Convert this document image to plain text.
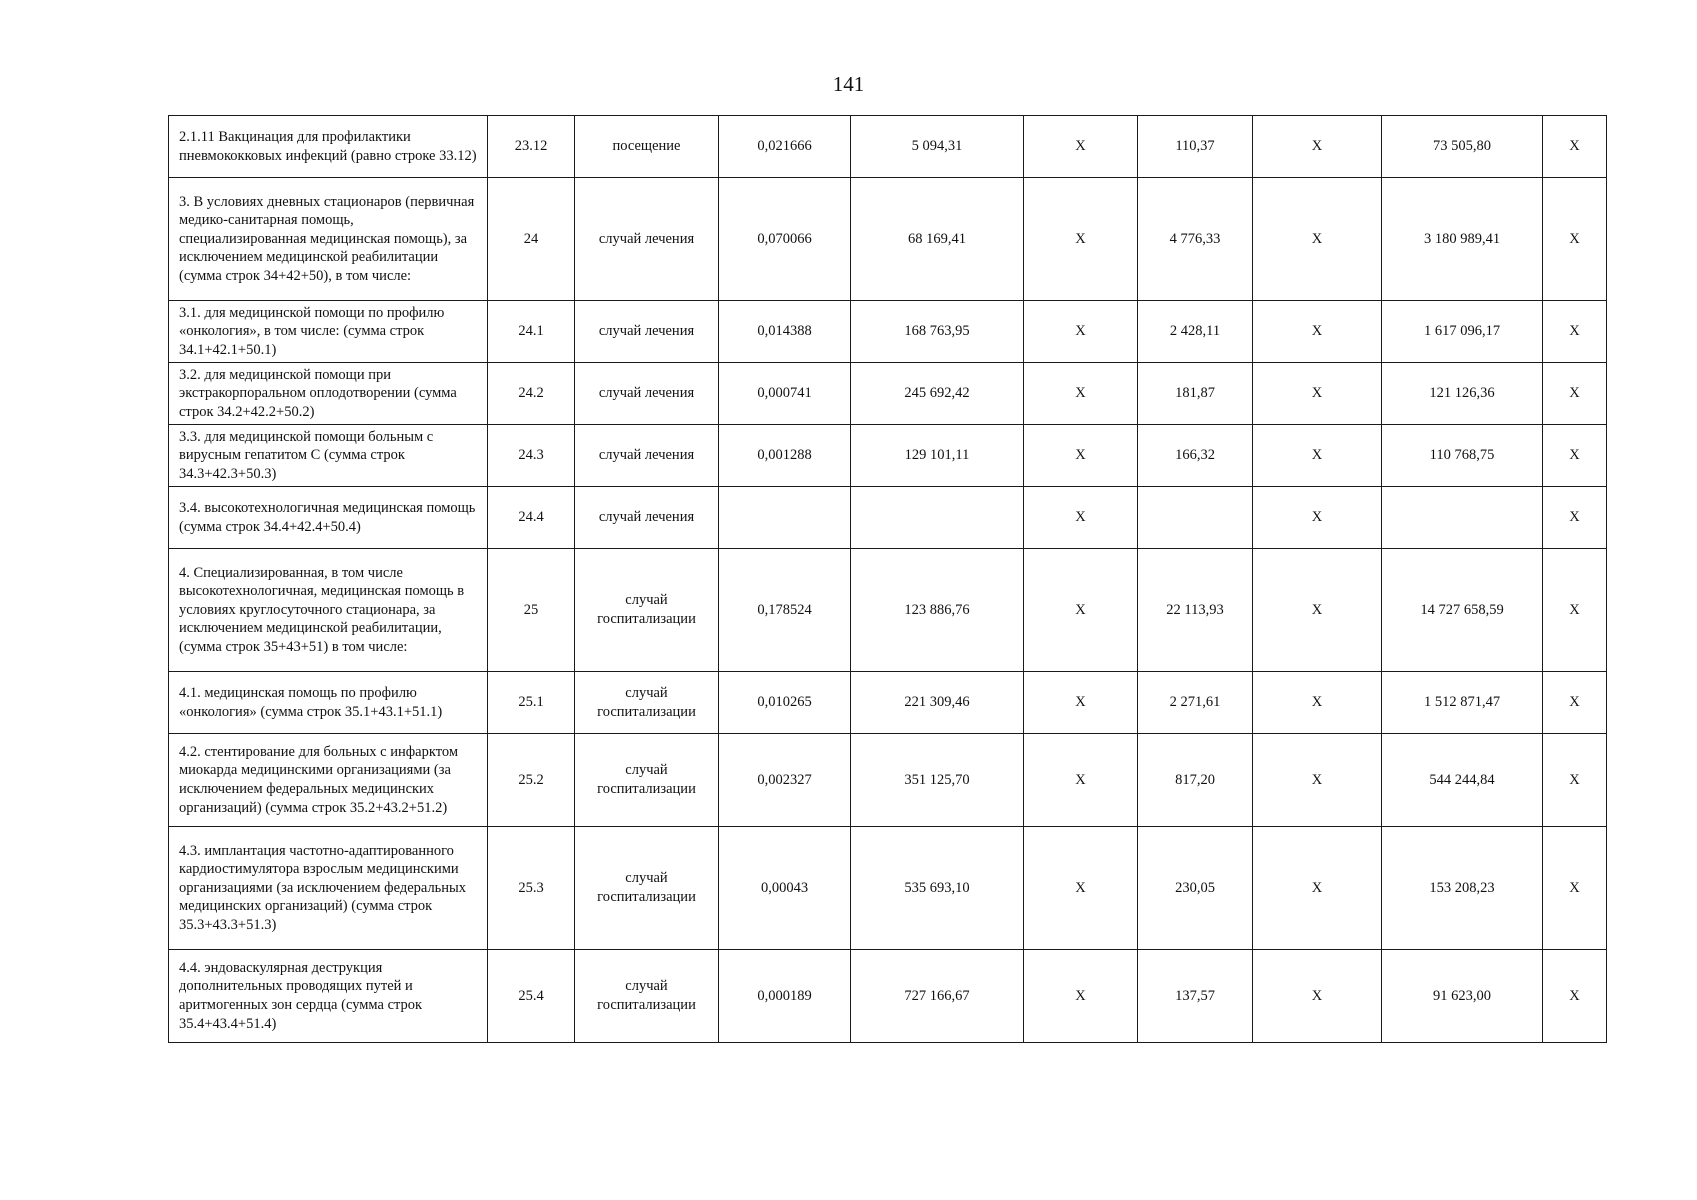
141
2.1.11 Вакцинация для профилактики пневмококковых инфекций (равно строке 33.12)	23.12	посещение	0,021666	5 094,31	Х	110,37	Х	73 505,80	Х
3. В условиях дневных стационаров (первичная медико-санитарная помощь, специализированная медицинская помощь), за исключением медицинской реабилитации (сумма строк 34+42+50), в том числе:	24	случай лечения	0,070066	68 169,41	Х	4 776,33	Х	3 180 989,41	Х
3.1. для медицинской помощи по профилю «онкология», в том числе: (сумма строк 34.1+42.1+50.1)	24.1	случай лечения	0,014388	168 763,95	Х	2 428,11	Х	1 617 096,17	Х
3.2. для медицинской помощи при экстракорпоральном оплодотворении (сумма строк 34.2+42.2+50.2)	24.2	случай лечения	0,000741	245 692,42	Х	181,87	Х	121 126,36	Х
3.3. для медицинской помощи больным с вирусным гепатитом С (сумма строк 34.3+42.3+50.3)	24.3	случай лечения	0,001288	129 101,11	Х	166,32	Х	110 768,75	Х
3.4. высокотехнологичная медицинская помощь (сумма строк 34.4+42.4+50.4)	24.4	случай лечения			Х		Х		Х
4. Специализированная, в том числе высокотехнологичная, медицинская помощь в условиях круглосуточного стационара, за исключением медицинской реабилитации, (сумма строк 35+43+51) в том числе:	25	случай госпитализации	0,178524	123 886,76	Х	22 113,93	Х	14 727 658,59	Х
4.1. медицинская помощь по профилю «онкология» (сумма строк 35.1+43.1+51.1)	25.1	случай госпитализации	0,010265	221 309,46	Х	2 271,61	Х	1 512 871,47	Х
4.2. стентирование для больных с инфарктом миокарда медицинскими организациями (за исключением федеральных медицинских организаций) (сумма строк 35.2+43.2+51.2)	25.2	случай госпитализации	0,002327	351 125,70	Х	817,20	Х	544 244,84	Х
4.3. имплантация частотно-адаптированного кардиостимулятора взрослым медицинскими организациями (за исключением федеральных медицинских организаций) (сумма строк 35.3+43.3+51.3)	25.3	случай госпитализации	0,00043	535 693,10	Х	230,05	Х	153 208,23	Х
4.4. эндоваскулярная деструкция дополнительных проводящих путей и аритмогенных зон сердца (сумма строк 35.4+43.4+51.4)	25.4	случай госпитализации	0,000189	727 166,67	Х	137,57	Х	91 623,00	Х
